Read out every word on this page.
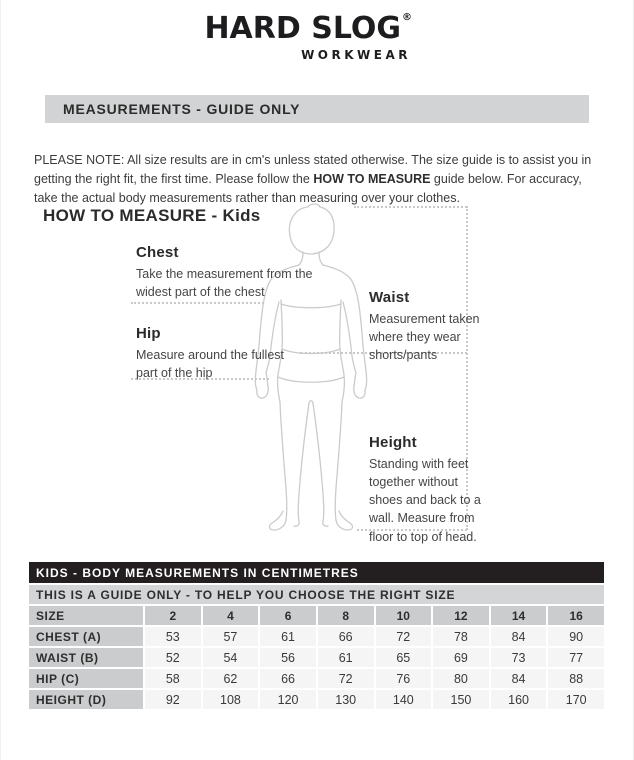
HARD SLOG®
WORKWEAR
MEASUREMENTS - GUIDE ONLY

PLEASE NOTE: All size results are in cm's unless stated otherwise. The size guide is to assist you in getting the right fit, the first time. Please follow the HOW TO MEASURE guide below. For accuracy, take the actual body measurements rather than measuring over your clothes.

HOW TO MEASURE - Kids
Chest

Take the measurement from the widest part of the chest

Hip

Measure around the fullest part of the hip

Waist

Measurement taken where they wear shorts/pants

Height

Standing with feet together without shoes and back to a wall. Measure from floor to top of head.

KIDS - BODY MEASUREMENTS IN CENTIMETRES								
THIS IS A GUIDE ONLY - TO HELP YOU CHOOSE THE RIGHT SIZE								
SIZE	2	4	6	8	10	12	14	16
CHEST (A)	53	57	61	66	72	78	84	90
WAIST (B)	52	54	56	61	65	69	73	77
HIP (C)	58	62	66	72	76	80	84	88
HEIGHT (D)	92	108	120	130	140	150	160	170
